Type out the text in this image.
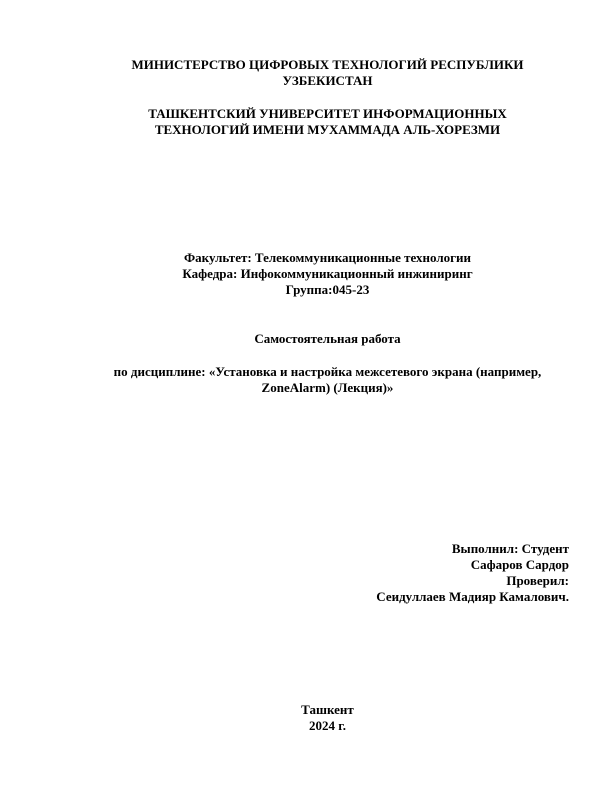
МИНИСТЕРСТВО ЦИФРОВЫХ ТЕХНОЛОГИЙ РЕСПУБЛИКИ
УЗБЕКИСТАН
ТАШКЕНТСКИЙ УНИВЕРСИТЕТ ИНФОРМАЦИОННЫХ
ТЕХНОЛОГИЙ ИМЕНИ МУХАММАДА АЛЬ-ХОРЕЗМИ
Факультет: Телекоммуникационные технологии
Кафедра: Инфокоммуникационный инжиниринг
Группа:045-23
Самостоятельная работа
по дисциплине: «Установка и настройка межсетевого экрана (например,
ZoneAlarm) (Лекция)»
Выполнил: Студент
Сафаров Сардор
Проверил:
Сеидуллаев Мадияр Камалович.
Ташкент
2024 г.
